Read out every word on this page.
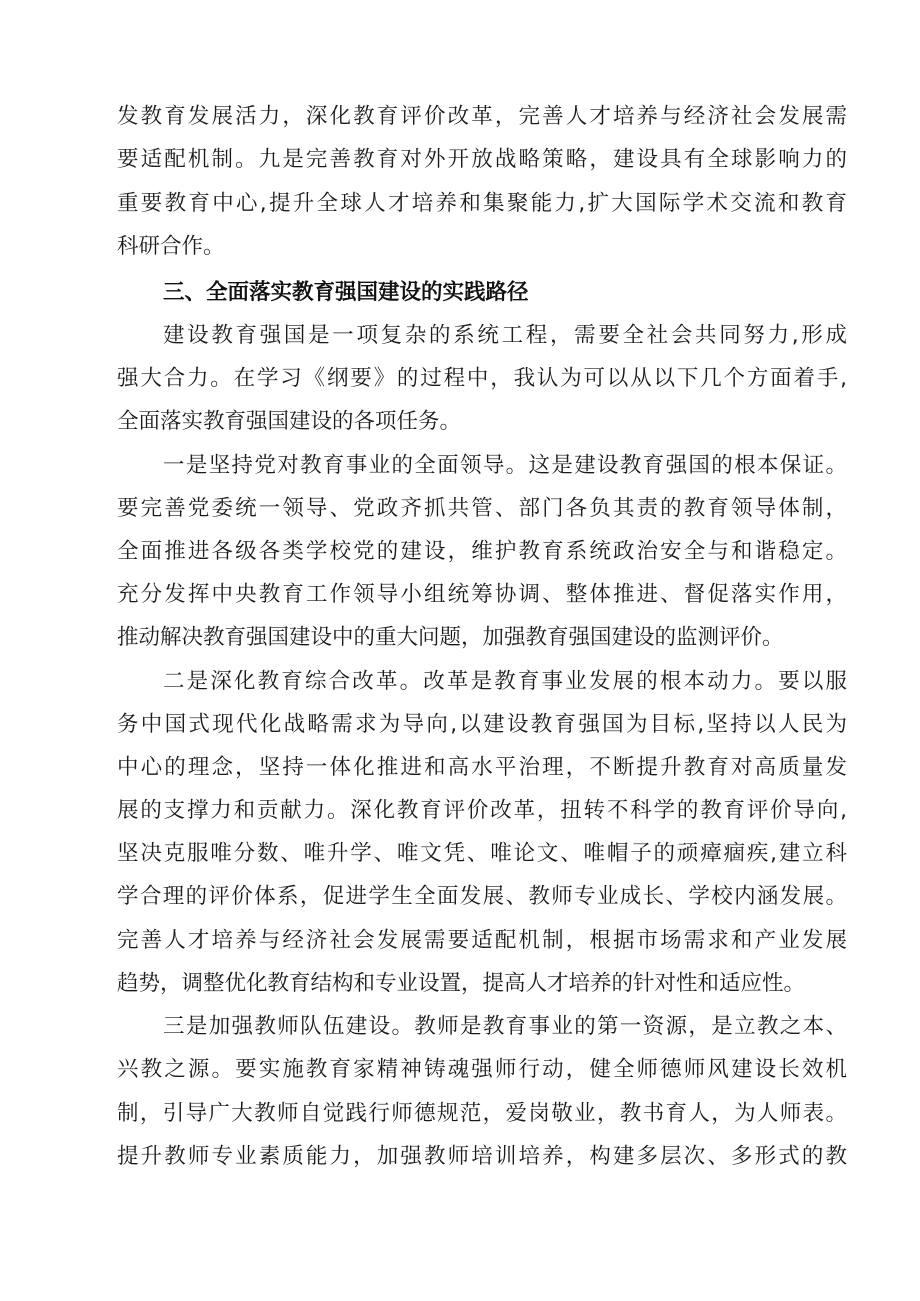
发教育发展活力，深化教育评价改革，完善人才培养与经济社会发展需
要适配机制。九是完善教育对外开放战略策略，建设具有全球影响力的
重要教育中心,提升全球人才培养和集聚能力,扩大国际学术交流和教育
科研合作。
三、全面落实教育强国建设的实践路径
建设教育强国是一项复杂的系统工程，需要全社会共同努力,形成
强大合力。在学习《纲要》的过程中，我认为可以从以下几个方面着手,
全面落实教育强国建设的各项任务。
一是坚持党对教育事业的全面领导。这是建设教育强国的根本保证。
要完善党委统一领导、党政齐抓共管、部门各负其责的教育领导体制，
全面推进各级各类学校党的建设，维护教育系统政治安全与和谐稳定。
充分发挥中央教育工作领导小组统筹协调、整体推进、督促落实作用，
推动解决教育强国建设中的重大问题，加强教育强国建设的监测评价。
二是深化教育综合改革。改革是教育事业发展的根本动力。要以服
务中国式现代化战略需求为导向,以建设教育强国为目标,坚持以人民为
中心的理念，坚持一体化推进和高水平治理，不断提升教育对高质量发
展的支撑力和贡献力。深化教育评价改革，扭转不科学的教育评价导向,
坚决克服唯分数、唯升学、唯文凭、唯论文、唯帽子的顽瘴痼疾,建立科
学合理的评价体系，促进学生全面发展、教师专业成长、学校内涵发展。
完善人才培养与经济社会发展需要适配机制，根据市场需求和产业发展
趋势，调整优化教育结构和专业设置，提高人才培养的针对性和适应性。
三是加强教师队伍建设。教师是教育事业的第一资源，是立教之本、
兴教之源。要实施教育家精神铸魂强师行动，健全师德师风建设长效机
制，引导广大教师自觉践行师德规范，爱岗敬业，教书育人，为人师表。
提升教师专业素质能力，加强教师培训培养，构建多层次、多形式的教
